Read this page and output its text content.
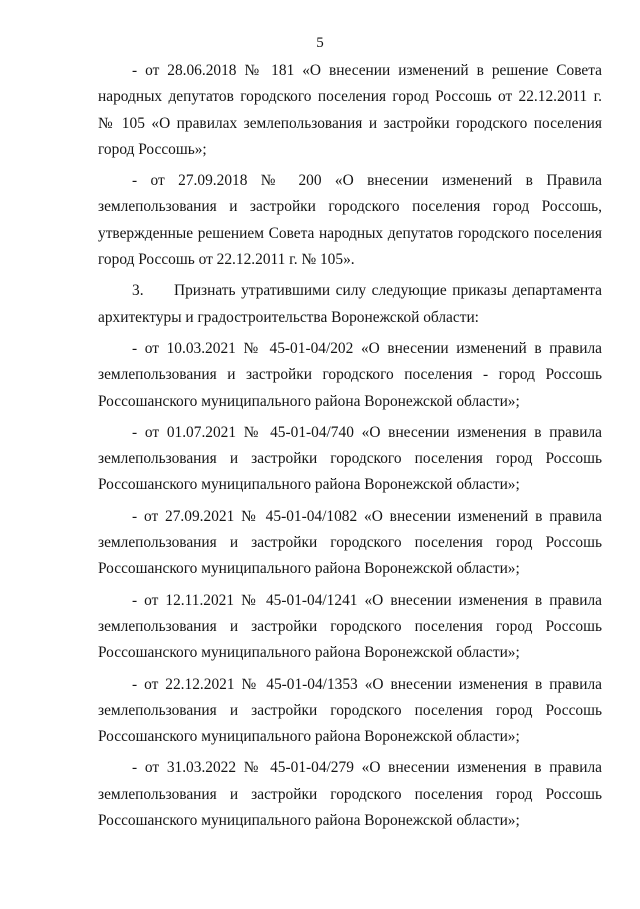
5
- от 28.06.2018 № 181 «О внесении изменений в решение Совета
народных депутатов городского поселения город Россошь от 22.12.2011 г.
№ 105 «О правилах землепользования и застройки городского поселения
город Россошь»;
- от 27.09.2018 № 200 «О внесении изменений в Правила
землепользования и застройки городского поселения город Россошь,
утвержденные решением Совета народных депутатов городского поселения
город Россошь от 22.12.2011 г. № 105».
3. Признать утратившими силу следующие приказы департамента
архитектуры и градостроительства Воронежской области:
- от 10.03.2021 № 45-01-04/202 «О внесении изменений в правила
землепользования и застройки городского поселения - город Россошь
Россошанского муниципального района Воронежской области»;
- от 01.07.2021 № 45-01-04/740 «О внесении изменения в правила
землепользования и застройки городского поселения город Россошь
Россошанского муниципального района Воронежской области»;
- от 27.09.2021 № 45-01-04/1082 «О внесении изменений в правила
землепользования и застройки городского поселения город Россошь
Россошанского муниципального района Воронежской области»;
- от 12.11.2021 № 45-01-04/1241 «О внесении изменения в правила
землепользования и застройки городского поселения город Россошь
Россошанского муниципального района Воронежской области»;
- от 22.12.2021 № 45-01-04/1353 «О внесении изменения в правила
землепользования и застройки городского поселения город Россошь
Россошанского муниципального района Воронежской области»;
- от 31.03.2022 № 45-01-04/279 «О внесении изменения в правила
землепользования и застройки городского поселения город Россошь
Россошанского муниципального района Воронежской области»;
